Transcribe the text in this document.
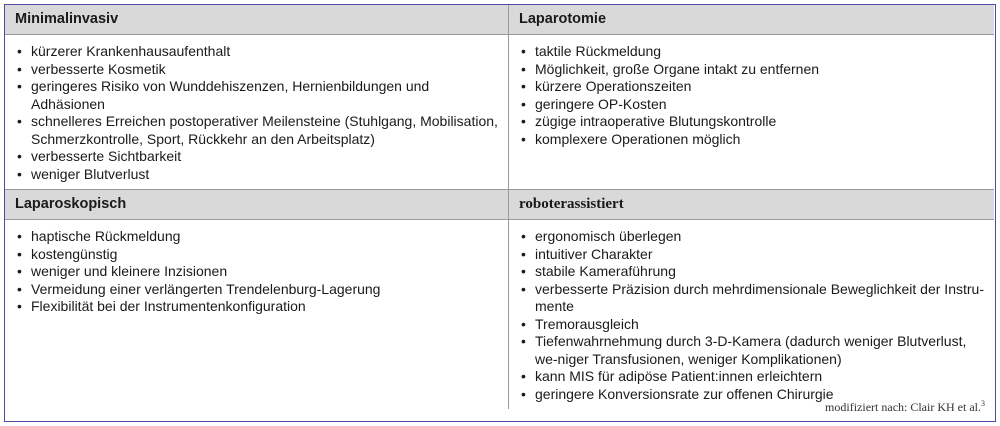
Minimalinvasiv	Laparotomie
• kürzerer Krankenhausaufenthalt
• verbesserte Kosmetik
• geringeres Risiko von Wunddehiszenzen, Hernienbildungen und Adhäsionen
• schnelleres Erreichen postoperativer Meilensteine (Stuhlgang, Mobilisation, Schmerzkontrolle, Sport, Rückkehr an den Arbeitsplatz)
• verbesserte Sichtbarkeit
• weniger Blutverlust
• taktile Rückmeldung
• Möglichkeit, große Organe intakt zu entfernen
• kürzere Operationszeiten
• geringere OP-Kosten
• zügige intraoperative Blutungskontrolle
• komplexere Operationen möglich
Laparoskopisch	roboterassistiert
• haptische Rückmeldung
• kostengünstig
• weniger und kleinere Inzisionen
• Vermeidung einer verlängerten Trendelenburg-Lagerung
• Flexibilität bei der Instrumentenkonfiguration
• ergonomisch überlegen
• intuitiver Charakter
• stabile Kameraführung
• verbesserte Präzision durch mehrdimensionale Beweglichkeit der Instru-mente
• Tremorausgleich
• Tiefenwahrnehmung durch 3-D-Kamera (dadurch weniger Blutverlust, we-niger Transfusionen, weniger Komplikationen)
• kann MIS für adipöse Patient:innen erleichtern
• geringere Konversionsrate zur offenen Chirurgie
modifiziert nach: Clair KH et al.$^3$
